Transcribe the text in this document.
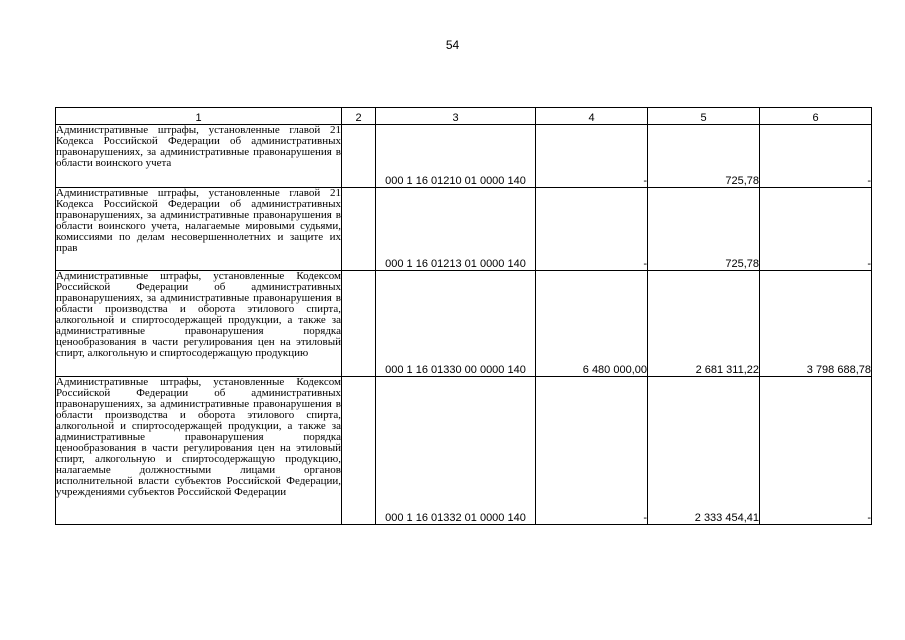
54
1	2	3	4	5	6
Административные штрафы, установленные главой 21 Кодекса Российской Федерации об административных правонарушениях, за административные правонарушения в области воинского учета		000 1 16 01210 01 0000 140	-	725,78	-
Административные штрафы, установленные главой 21 Кодекса Российской Федерации об административных правонарушениях, за административные правонарушения в области воинского учета, налагаемые мировыми судьями, комиссиями по делам несовершеннолетних и защите их прав		000 1 16 01213 01 0000 140	-	725,78	-
Административные штрафы, установленные Кодексом Российской Федерации об административных правонарушениях, за административные правонарушения в области производства и оборота этилового спирта, алкогольной и спиртосодержащей продукции, а также за административные правонарушения порядка ценообразования в части регулирования цен на этиловый спирт, алкогольную и спиртосодержащую продукцию		000 1 16 01330 00 0000 140	6 480 000,00	2 681 311,22	3 798 688,78
Административные штрафы, установленные Кодексом Российской Федерации об административных правонарушениях, за административные правонарушения в области производства и оборота этилового спирта, алкогольной и спиртосодержащей продукции, а также за административные правонарушения порядка ценообразования в части регулирования цен на этиловый спирт, алкогольную и спиртосодержащую продукцию, налагаемые должностными лицами органов исполнительной власти субъектов Российской Федерации, учреждениями субъектов Российской Федерации		000 1 16 01332 01 0000 140	-	2 333 454,41	-
